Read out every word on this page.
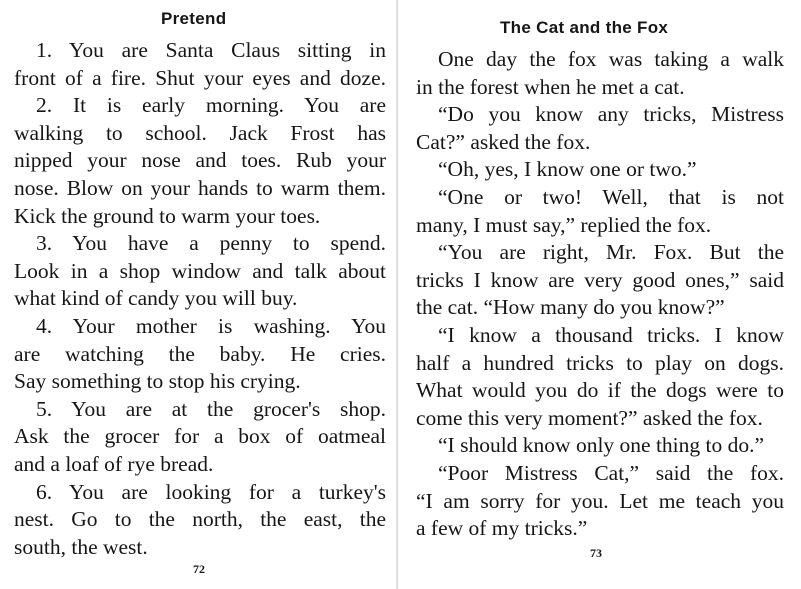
Pretend
1. You are Santa Claus sitting in
front of a fire. Shut your eyes and doze.
2. It is early morning. You are
walking to school. Jack Frost has
nipped your nose and toes. Rub your
nose. Blow on your hands to warm them.
Kick the ground to warm your toes.
3. You have a penny to spend.
Look in a shop window and talk about
what kind of candy you will buy.
4. Your mother is washing. You
are watching the baby. He cries.
Say something to stop his crying.
5. You are at the grocer's shop.
Ask the grocer for a box of oatmeal
and a loaf of rye bread.
6. You are looking for a turkey's
nest. Go to the north, the east, the
south, the west.
72
The Cat and the Fox
One day the fox was taking a walk
in the forest when he met a cat.
“Do you know any tricks, Mistress
Cat?” asked the fox.
“Oh, yes, I know one or two.”
“One or two! Well, that is not
many, I must say,” replied the fox.
“You are right, Mr. Fox. But the
tricks I know are very good ones,” said
the cat. “How many do you know?”
“I know a thousand tricks. I know
half a hundred tricks to play on dogs.
What would you do if the dogs were to
come this very moment?” asked the fox.
“I should know only one thing to do.”
“Poor Mistress Cat,” said the fox.
“I am sorry for you. Let me teach you
a few of my tricks.”
73
